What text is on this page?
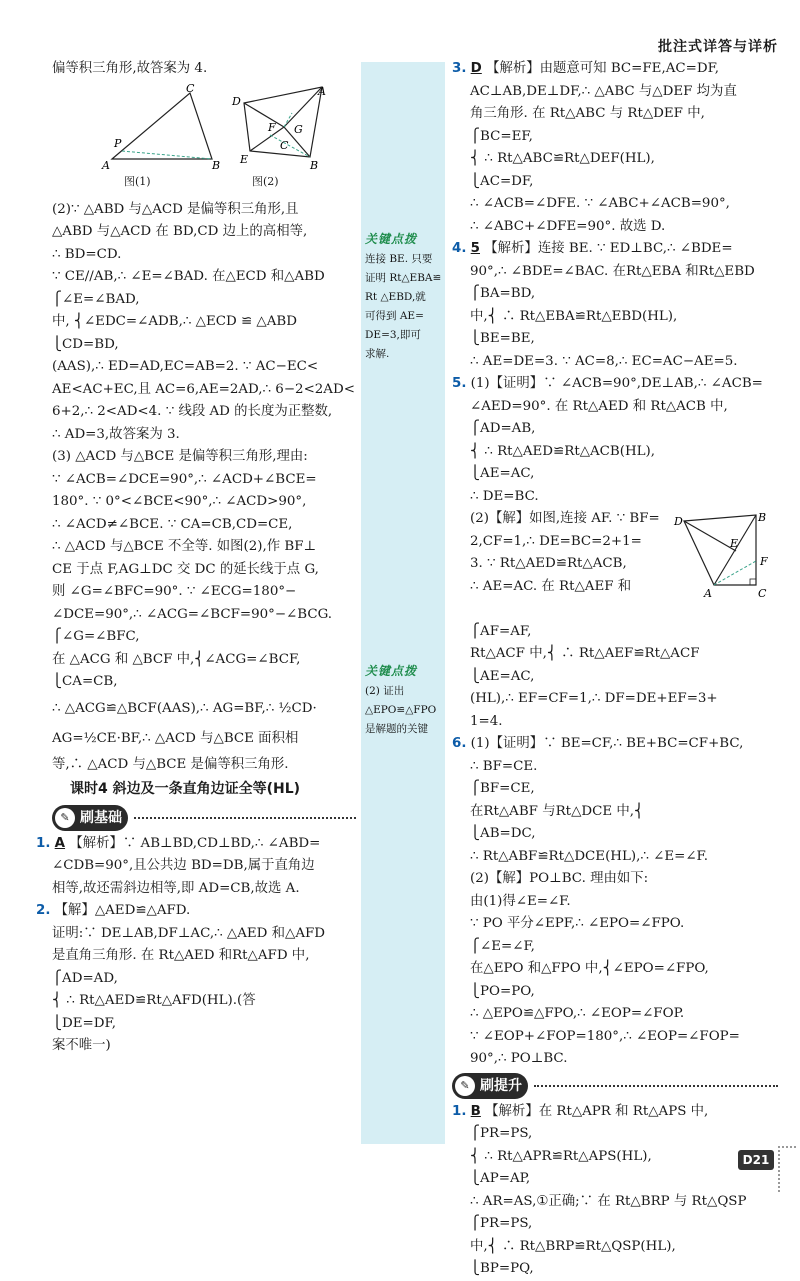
批注式详答与详析
偏等积三角形,故答案为 4.
C
P
A	B
A
D
F G
E
C
B
图(1)	图(2)
(2)∵ △ABD 与△ACD 是偏等积三角形,且
△ABD 与△ACD 在 BD,CD 边上的高相等,
∴ BD=CD.
∵ CE//AB,∴ ∠E=∠BAD. 在△ECD 和△ABD
⎧∠E=∠BAD,
中, ⎨∠EDC=∠ADB,∴ △ECD ≌ △ABD
⎩CD=BD,
(AAS),∴ ED=AD,EC=AB=2. ∵ AC−EC<
AE<AC+EC,且 AC=6,AE=2AD,∴ 6−2<2AD<
6+2,∴ 2<AD<4. ∵ 线段 AD 的长度为正整数,
∴ AD=3,故答案为 3.
(3) △ACD 与△BCE 是偏等积三角形,理由:
∵ ∠ACB=∠DCE=90°,∴ ∠ACD+∠BCE=
180°. ∵ 0°<∠BCE<90°,∴ ∠ACD>90°,
∴ ∠ACD≠∠BCE. ∵ CA=CB,CD=CE,
∴ △ACD 与△BCE 不全等. 如图(2),作 BF⊥
CE 于点 F,AG⊥DC 交 DC 的延长线于点 G,
则 ∠G=∠BFC=90°. ∵ ∠ECG=180°−
∠DCE=90°,∴ ∠ACG=∠BCF=90°−∠BCG.
⎧∠G=∠BFC,
在 △ACG 和 △BCF 中,⎨∠ACG=∠BCF,
⎩CA=CB,
∴ △ACG≌△BCF(AAS),∴ AG=BF,∴ ½CD·
AG=½CE·BF,∴ △ACD 与△BCE 面积相
等,∴ △ACD 与△BCE 是偏等积三角形.
课时4 斜边及一条直角边证全等(HL)
✎ 刷基础
1. A 【解析】∵ AB⊥BD,CD⊥BD,∴ ∠ABD=
∠CDB=90°,且公共边 BD=DB,属于直角边
相等,故还需斜边相等,即 AD=CB,故选 A.
2. 【解】△AED≌△AFD.
证明:∵ DE⊥AB,DF⊥AC,∴ △AED 和△AFD
是直角三角形. 在 Rt△AED 和Rt△AFD 中,
⎧AD=AD,
⎨ ∴ Rt△AED≌Rt△AFD(HL).(答
⎩DE=DF,
案不唯一)
关键点拨
连接 BE. 只要
证明 Rt△EBA≌
Rt △EBD,就
可得到 AE=
DE=3,即可
求解.
关键点拨
(2) 证出
△EPO≌△FPO
是解题的关键
3. D 【解析】由题意可知 BC=FE,AC=DF,
AC⊥AB,DE⊥DF,∴ △ABC 与△DEF 均为直
角三角形. 在 Rt△ABC 与 Rt△DEF 中,
⎧BC=EF,
⎨ ∴ Rt△ABC≌Rt△DEF(HL),
⎩AC=DF,
∴ ∠ACB=∠DFE. ∵ ∠ABC+∠ACB=90°,
∴ ∠ABC+∠DFE=90°. 故选 D.
4. 5 【解析】连接 BE. ∵ ED⊥BC,∴ ∠BDE=
90°,∴ ∠BDE=∠BAC. 在Rt△EBA 和Rt△EBD
⎧BA=BD,
中,⎨ ∴ Rt△EBA≌Rt△EBD(HL),
⎩BE=BE,
∴ AE=DE=3. ∵ AC=8,∴ EC=AC−AE=5.
5. (1)【证明】∵ ∠ACB=90°,DE⊥AB,∴ ∠ACB=
∠AED=90°. 在 Rt△AED 和 Rt△ACB 中,
⎧AD=AB,
⎨ ∴ Rt△AED≌Rt△ACB(HL),
⎩AE=AC,
∴ DE=BC.
(2)【解】如图,连接 AF. ∵ BF=
2,CF=1,∴ DE=BC=2+1=
3. ∵ Rt△AED≌Rt△ACB,
∴ AE=AC. 在 Rt△AEF 和
⎧AF=AF,
Rt△ACF 中,⎨ ∴ Rt△AEF≌Rt△ACF
⎩AE=AC,
(HL),∴ EF=CF=1,∴ DF=DE+EF=3+
1=4.
D	B
E
F
A	C
6. (1)【证明】∵ BE=CF,∴ BE+BC=CF+BC,
∴ BF=CE.
⎧BF=CE,
在Rt△ABF 与Rt△DCE 中,⎨
⎩AB=DC,
∴ Rt△ABF≌Rt△DCE(HL),∴ ∠E=∠F.
(2)【解】PO⊥BC. 理由如下:
由(1)得∠E=∠F.
∵ PO 平分∠EPF,∴ ∠EPO=∠FPO.
⎧∠E=∠F,
在△EPO 和△FPO 中,⎨∠EPO=∠FPO,
⎩PO=PO,
∴ △EPO≌△FPO,∴ ∠EOP=∠FOP.
∵ ∠EOP+∠FOP=180°,∴ ∠EOP=∠FOP=
90°,∴ PO⊥BC.
✎ 刷提升
1. B 【解析】在 Rt△APR 和 Rt△APS 中,
⎧PR=PS,
⎨ ∴ Rt△APR≌Rt△APS(HL),
⎩AP=AP,
∴ AR=AS,①正确;∵ 在 Rt△BRP 与 Rt△QSP
⎧PR=PS,
中,⎨ ∴ Rt△BRP≌Rt△QSP(HL),
⎩BP=PQ,
D21
